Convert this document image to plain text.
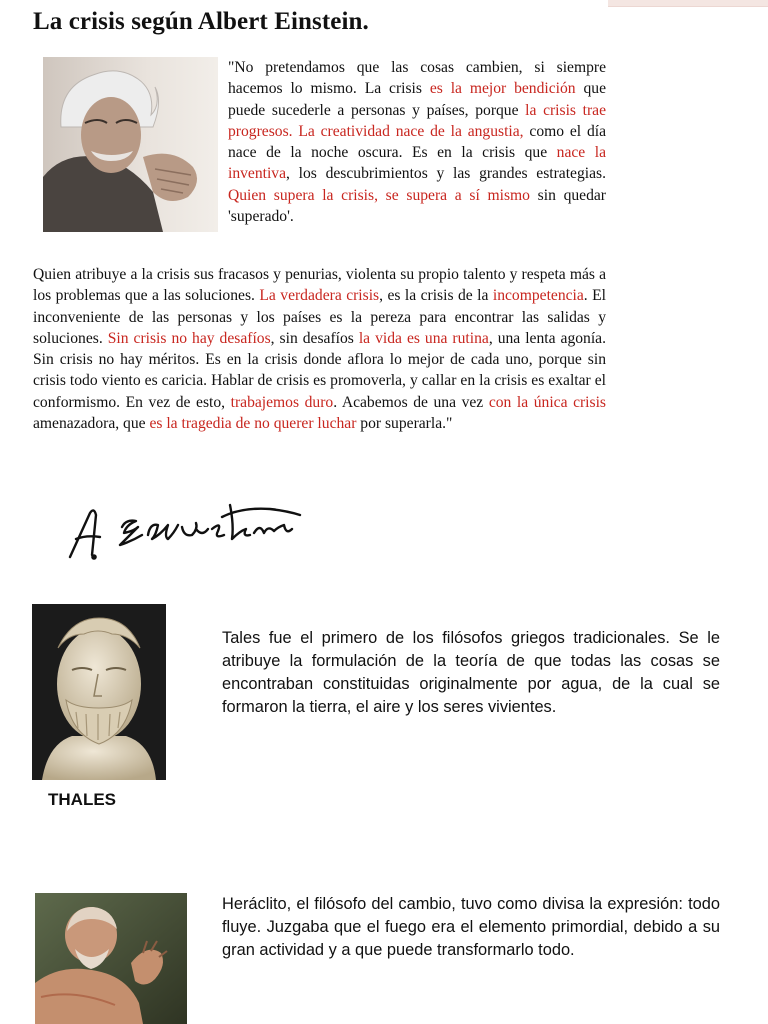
La crisis según Albert Einstein.

"No pretendamos que las cosas cambien, si siempre hacemos lo mismo. La crisis es la mejor bendición que puede sucederle a personas y países, porque la crisis trae progresos. La creatividad nace de la angustia, como el día nace de la noche oscura. Es en la crisis que nace la inventiva, los descubrimientos y las grandes estrategias. Quien supera la crisis, se supera a sí mismo sin quedar 'superado'.

Quien atribuye a la crisis sus fracasos y penurias, violenta su propio talento y respeta más a los problemas que a las soluciones. La verdadera crisis, es la crisis de la incompetencia. El inconveniente de las personas y los países es la pereza para encontrar las salidas y soluciones. Sin crisis no hay desafíos, sin desafíos la vida es una rutina, una lenta agonía. Sin crisis no hay méritos. Es en la crisis donde aflora lo mejor de cada uno, porque sin crisis todo viento es caricia. Hablar de crisis es promoverla, y callar en la crisis es exaltar el conformismo. En vez de esto, trabajemos duro. Acabemos de una vez con la única crisis amenazadora, que es la tragedia de no querer luchar por superarla."

THALES

Tales fue el primero de los filósofos griegos tradicionales. Se le atribuye la formulación de la teoría de que todas las cosas se encontraban constituidas originalmente por agua, de la cual se formaron la tierra, el aire y los seres vivientes.

Heráclito, el filósofo del cambio, tuvo como divisa la expresión: todo fluye. Juzgaba que el fuego era el elemento primordial, debido a su gran actividad y a que puede transformarlo todo.
